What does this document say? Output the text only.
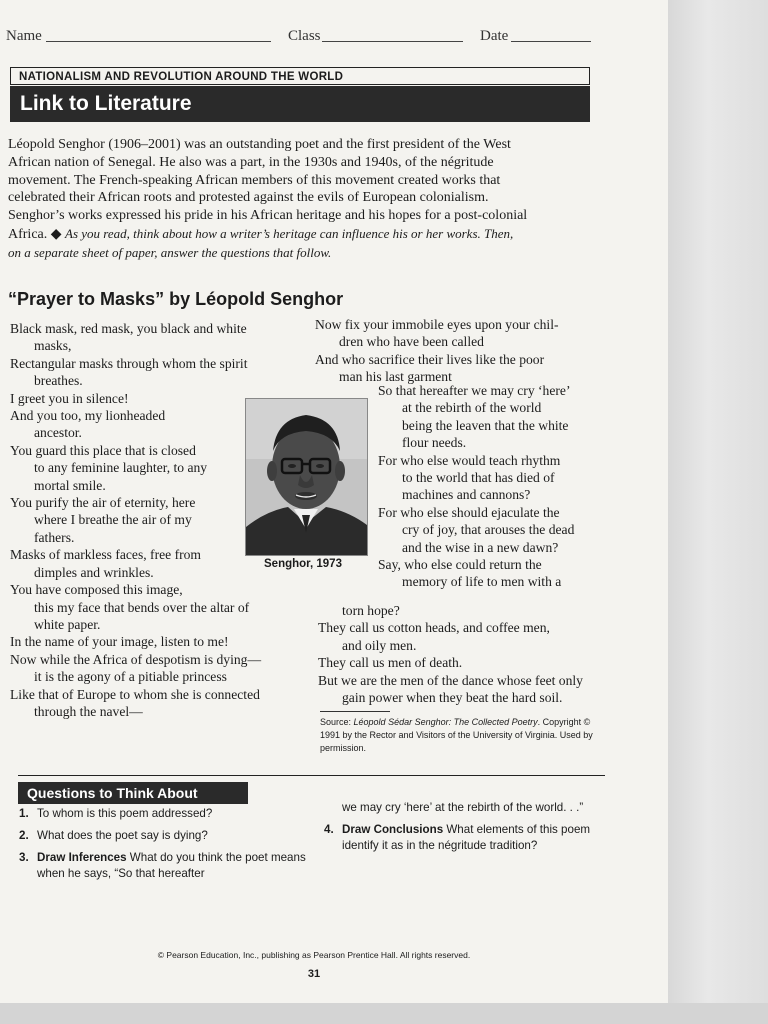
Name	Class	Date
NATIONALISM AND REVOLUTION AROUND THE WORLD
Link to Literature
Léopold Senghor (1906–2001) was an outstanding poet and the first president of the West African nation of Senegal. He also was a part, in the 1930s and 1940s, of the négritude movement. The French-speaking African members of this movement created works that celebrated their African roots and protested against the evils of European colonialism. Senghor’s works expressed his pride in his African heritage and his hopes for a post-colonial Africa. ◆ As you read, think about how a writer’s heritage can influence his or her works. Then, on a separate sheet of paper, answer the questions that follow.
“Prayer to Masks” by Léopold Senghor
Black mask, red mask, you black and white
masks,
Rectangular masks through whom the spirit
breathes.
I greet you in silence!
And you too, my lionheaded
ancestor.
You guard this place that is closed
to any feminine laughter, to any
mortal smile.
You purify the air of eternity, here
where I breathe the air of my
fathers.
Masks of markless faces, free from
dimples and wrinkles.
You have composed this image,
this my face that bends over the altar of
white paper.
In the name of your image, listen to me!
Now while the Africa of despotism is dying—
it is the agony of a pitiable princess
Like that of Europe to whom she is connected
through the navel—
Now fix your immobile eyes upon your chil-
dren who have been called
And who sacrifice their lives like the poor
man his last garment
So that hereafter we may cry ‘here’
at the rebirth of the world
being the leaven that the white
flour needs.
For who else would teach rhythm
to the world that has died of
machines and cannons?
For who else should ejaculate the
cry of joy, that arouses the dead
and the wise in a new dawn?
Say, who else could return the
memory of life to men with a
torn hope?
They call us cotton heads, and coffee men,
and oily men.
They call us men of death.
But we are the men of the dance whose feet only
gain power when they beat the hard soil.
Senghor, 1973
Source: Léopold Sédar Senghor: The Collected Poetry. Copyright © 1991 by the Rector and Visitors of the University of Virginia. Used by permission.
Questions to Think About
1. To whom is this poem addressed?
2. What does the poet say is dying?
3. Draw Inferences What do you think the poet means when he says, “So that hereafter
we may cry ‘here’ at the rebirth of the world. . .”
4. Draw Conclusions What elements of this poem identify it as in the négritude tradition?
© Pearson Education, Inc., publishing as Pearson Prentice Hall. All rights reserved.
31
